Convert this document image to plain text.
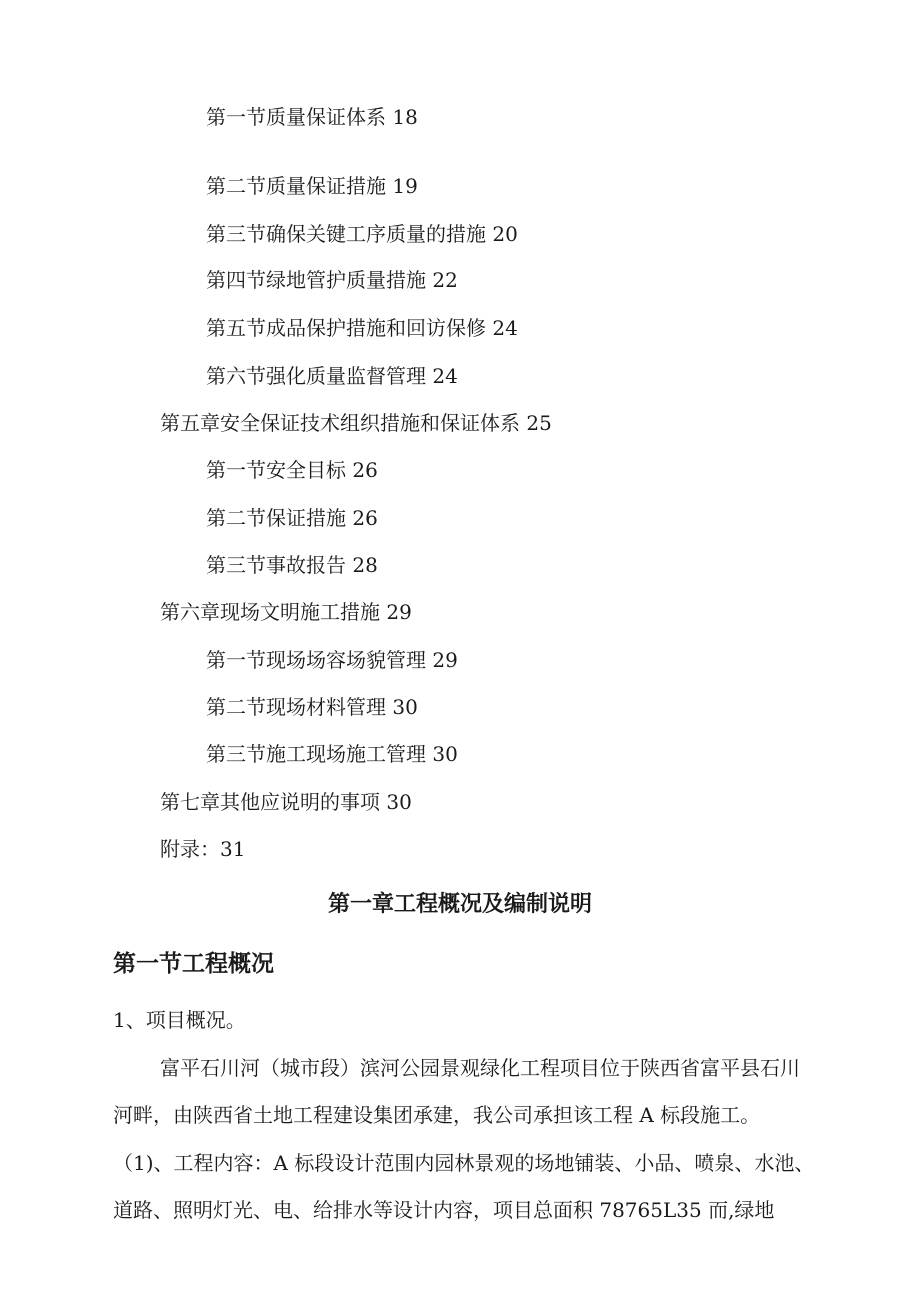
第一节质量保证体系 18
第二节质量保证措施 19
第三节确保关键工序质量的措施 20
第四节绿地管护质量措施 22
第五节成品保护措施和回访保修 24
第六节强化质量监督管理 24
第五章安全保证技术组织措施和保证体系 25
第一节安全目标 26
第二节保证措施 26
第三节事故报告 28
第六章现场文明施工措施 29
第一节现场场容场貌管理 29
第二节现场材料管理 30
第三节施工现场施工管理 30
第七章其他应说明的事项 30
附录：31
第一章工程概况及编制说明
第一节工程概况
1、项目概况。
富平石川河（城市段）滨河公园景观绿化工程项目位于陕西省富平县石川
河畔，由陕西省土地工程建设集团承建，我公司承担该工程 A 标段施工。
（1)、工程内容：A 标段设计范围内园林景观的场地铺装、小品、喷泉、水池、
道路、照明灯光、电、给排水等设计内容，项目总面积 78765L35 而,绿地
